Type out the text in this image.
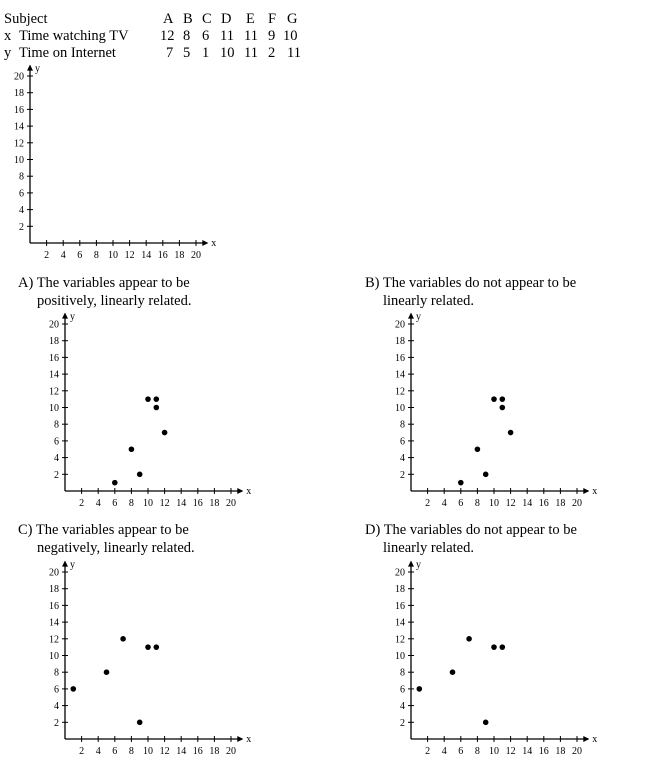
Subject	A B C D E F G
x Time watching TV 12 8 6 11 11 9 10
y Time on Internet	7 5 1 10 11 2 11
x
y
2 4 6 8 10 12 14 16 18 20
2
4
6
8
10
12
14
16
18
20
A) The variables appear to be
positively, linearly related.
x
y
2 4 6 8 10 12 14 16 18 20
2
4
6
8
10
12
14
16
18
20
B) The variables do not appear to be
linearly related.
x
y
2 4 6 8 10 12 14 16 18 20
2
4
6
8
10
12
14
16
18
20
C) The variables appear to be
negatively, linearly related.
x
y
2 4 6 8 10 12 14 16 18 20
2
4
6
8
10
12
14
16
18
20
D) The variables do not appear to be
linearly related.
x
y
2 4 6 8 10 12 14 16 18 20
2
4
6
8
10
12
14
16
18
20
